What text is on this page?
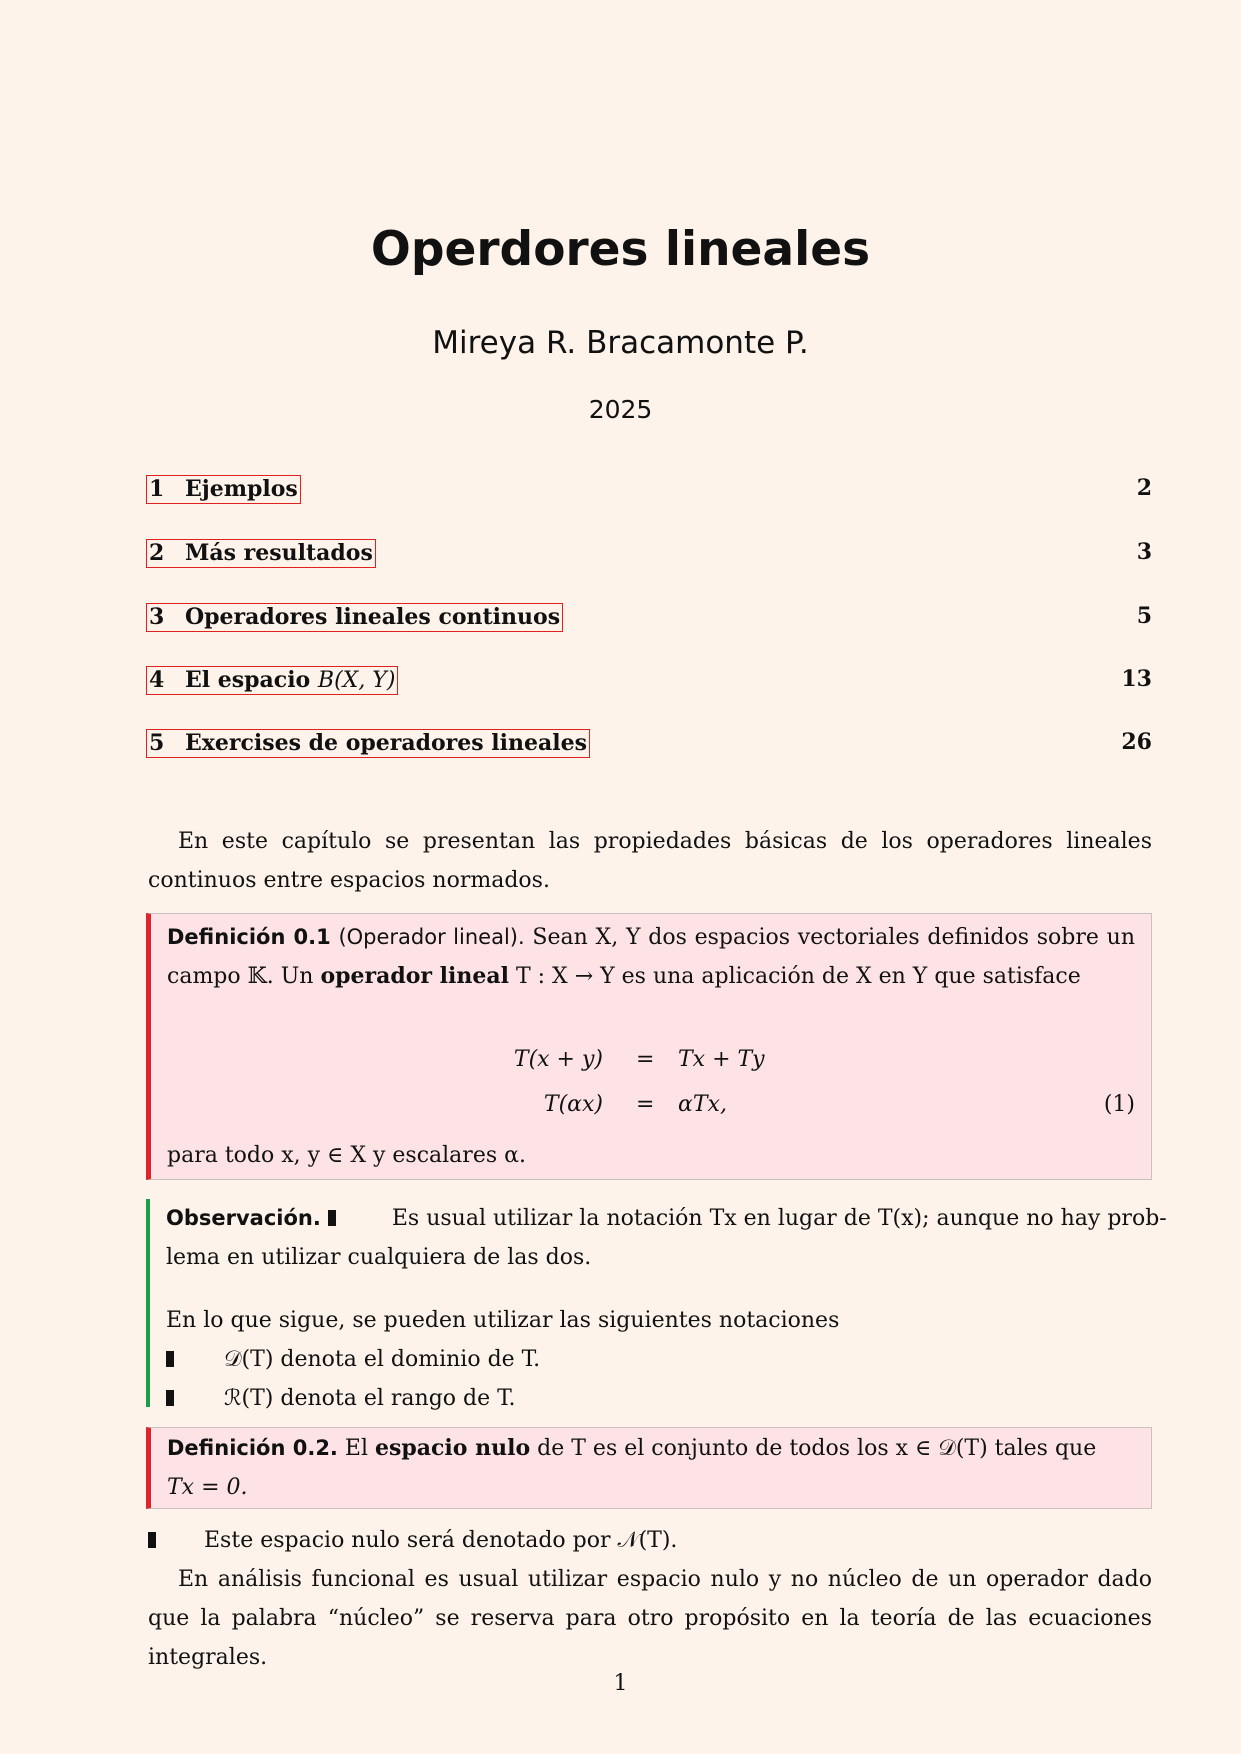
Operdores lineales
Mireya R. Bracamonte P.
2025
1 Ejemplos	2
2 Más resultados	3
3 Operadores lineales continuos	5
4 El espacio B(X, Y)	13
5 Exercises de operadores lineales	26
En este capítulo se presentan las propiedades básicas de los operadores lineales continuos entre espacios normados.
Definición 0.1 (Operador lineal). Sean X, Y dos espacios vectoriales definidos sobre un
campo 𝕂. Un operador lineal T : X → Y es una aplicación de X en Y que satisface
T(x + y) = Tx + Ty
T(αx) = αTx,	(1)
para todo x, y ∈ X y escalares α.
Observación.	Es usual utilizar la notación Tx en lugar de T(x); aunque no hay prob-
lema en utilizar cualquiera de las dos.
En lo que sigue, se pueden utilizar las siguientes notaciones
𝒟(T) denota el dominio de T.
ℛ(T) denota el rango de T.
Definición 0.2. El espacio nulo de T es el conjunto de todos los x ∈ 𝒟(T) tales que
Tx = 0.
Este espacio nulo será denotado por 𝒩(T).
En análisis funcional es usual utilizar espacio nulo y no núcleo de un operador dado que la palabra “núcleo” se reserva para otro propósito en la teoría de las ecuaciones integrales.
1
